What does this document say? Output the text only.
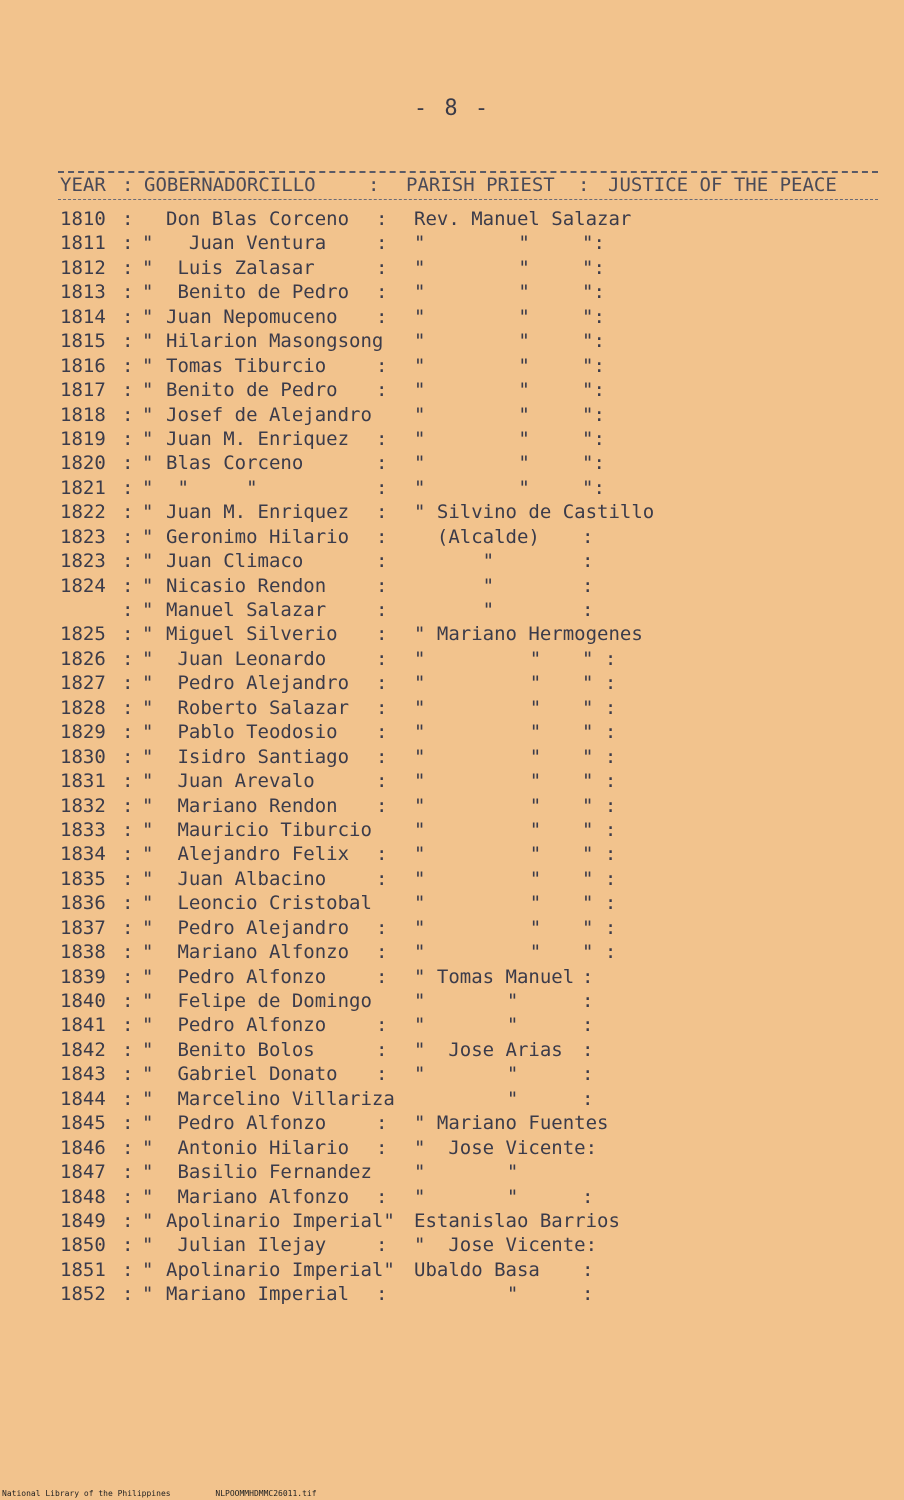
- 8 -
YEAR : GOBERNADORCILLO	: PARISH PRIEST : JUSTICE OF THE PEACE
1810 : Don Blas Corceno : Rev. Manuel Salazar
1811 : " Juan Ventura	: "	"	":
1812 : " Luis Zalasar	: "	"	":
1813 : " Benito de Pedro : "	"	":
1814 : " Juan Nepomuceno : "	"	":
1815 : " Hilarion Masongsong "	"	":
1816 : " Tomas Tiburcio	: "	"	":
1817 : " Benito de Pedro : "	"	":
1818 : " Josef de Alejandro "	"	":
1819 : " Juan M. Enriquez : "	"	":
1820 : " Blas Corceno	: "	"	":
1821 : " "     "	: "	"	":
1822 : " Juan M. Enriquez : " Silvino de Castillo
1823 : " Geronimo Hilario : (Alcalde) :
1823 : " Juan Climaco	: "	:
1824 : " Nicasio Rendon	: "	:
: " Manuel Salazar	: "	:
1825 : " Miguel Silverio : " Mariano Hermogenes
1826 : " Juan Leonardo	: "	" " :
1827 : " Pedro Alejandro : "	" " :
1828 : " Roberto Salazar : "	" " :
1829 : " Pablo Teodosio : "	" " :
1830 : " Isidro Santiago : "	" " :
1831 : " Juan Arevalo	: "	" " :
1832 : " Mariano Rendon : "	" " :
1833 : " Mauricio Tiburcio "	" " :
1834 : " Alejandro Felix : "	" " :
1835 : " Juan Albacino	: "	" " :
1836 : " Leoncio Cristobal "	" " :
1837 : " Pedro Alejandro : "	" " :
1838 : " Mariano Alfonzo : "	" " :
1839 : " Pedro Alfonzo	: " Tomas Manuel :
1840 : " Felipe de Domingo "	"	:
1841 : " Pedro Alfonzo	: "	"	:
1842 : " Benito Bolos	: "  Jose Arias :
1843 : " Gabriel Donato : "	"	:
1844 : " Marcelino Villariza	"	:
1845 : " Pedro Alfonzo	: " Mariano Fuentes
1846 : " Antonio Hilario : "  Jose Vicente:
1847 : " Basilio Fernandez "	"
1848 : " Mariano Alfonzo : "	"	:
1849 : " Apolinario Imperial" Estanislao Barrios
1850 : " Julian Ilejay	: "  Jose Vicente:
1851 : " Apolinario Imperial" Ubaldo Basa :
1852 : " Mariano Imperial :	"	:
National Library of the Philippines	NLPOOMMHDMMC26011.tif
